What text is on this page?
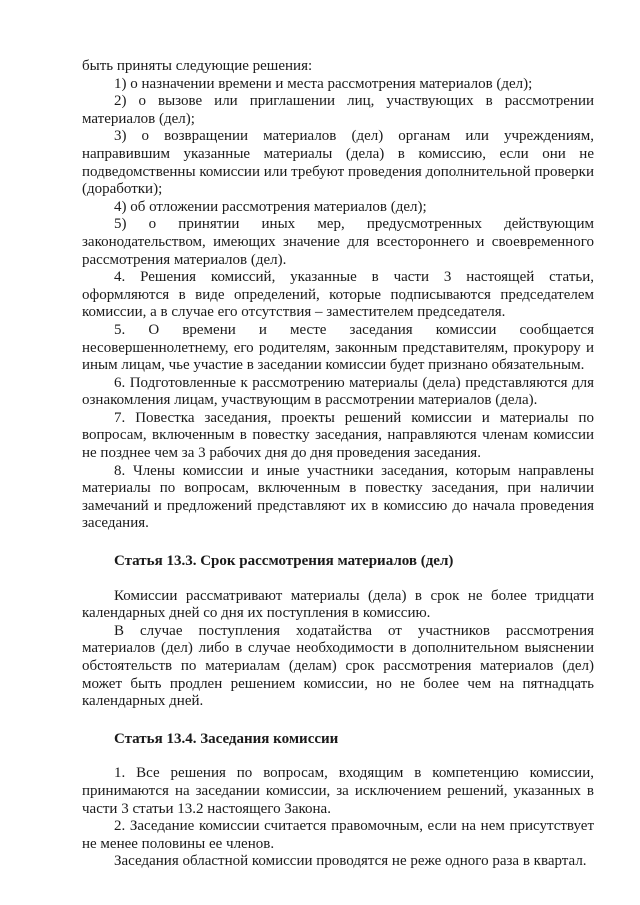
быть приняты следующие решения:

1) о назначении времени и места рассмотрения материалов (дел);

2) о вызове или приглашении лиц, участвующих в рассмотрении материалов (дел);

3) о возвращении материалов (дел) органам или учреждениям, направившим указанные материалы (дела) в комиссию, если они не подведомственны комиссии или требуют проведения дополнительной проверки (доработки);

4) об отложении рассмотрения материалов (дел);

5) о принятии иных мер, предусмотренных действующим законодательством, имеющих значение для всестороннего и своевременного рассмотрения материалов (дел).

4. Решения комиссий, указанные в части 3 настоящей статьи, оформляются в виде определений, которые подписываются председателем комиссии, а в случае его отсутствия – заместителем председателя.

5. О времени и месте заседания комиссии сообщается несовершеннолетнему, его родителям, законным представителям, прокурору и иным лицам, чье участие в заседании комиссии будет признано обязательным.

6. Подготовленные к рассмотрению материалы (дела) представляются для ознакомления лицам, участвующим в рассмотрении материалов (дела).

7. Повестка заседания, проекты решений комиссии и материалы по вопросам, включенным в повестку заседания, направляются членам комиссии не позднее чем за 3 рабочих дня до дня проведения заседания.

8. Члены комиссии и иные участники заседания, которым направлены материалы по вопросам, включенным в повестку заседания, при наличии замечаний и предложений представляют их в комиссию до начала проведения заседания.

Статья 13.3. Срок рассмотрения материалов (дел)

Комиссии рассматривают материалы (дела) в срок не более тридцати календарных дней со дня их поступления в комиссию.

В случае поступления ходатайства от участников рассмотрения материалов (дел) либо в случае необходимости в дополнительном выяснении обстоятельств по материалам (делам) срок рассмотрения материалов (дел) может быть продлен решением комиссии, но не более чем на пятнадцать календарных дней.

Статья 13.4. Заседания комиссии

1. Все решения по вопросам, входящим в компетенцию комиссии, принимаются на заседании комиссии, за исключением решений, указанных в части 3 статьи 13.2 настоящего Закона.

2. Заседание комиссии считается правомочным, если на нем присутствует не менее половины ее членов.

Заседания областной комиссии проводятся не реже одного раза в квартал.
